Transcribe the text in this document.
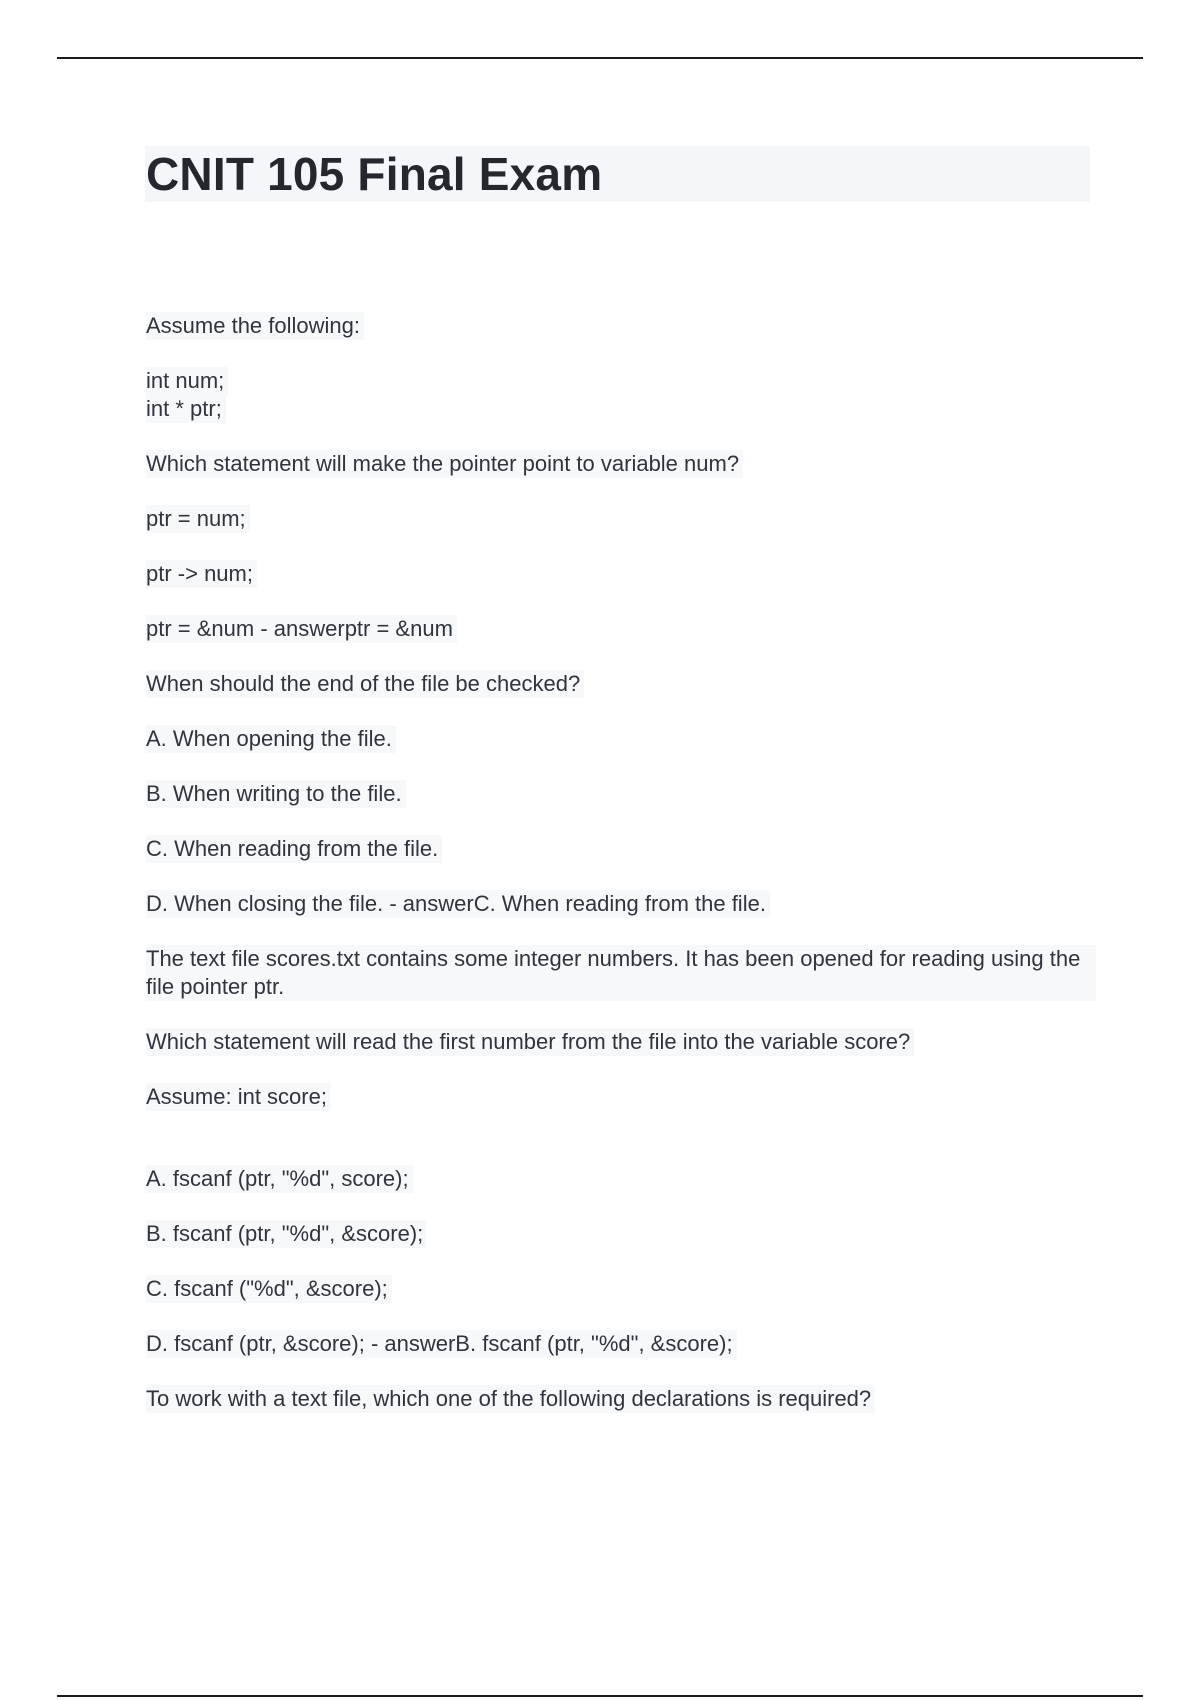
CNIT 105 Final Exam
Assume the following:
int num;
int * ptr;
Which statement will make the pointer point to variable num?
ptr = num;
ptr -> num;
ptr = &num - answerptr = &num
When should the end of the file be checked?
A. When opening the file.
B. When writing to the file.
C. When reading from the file.
D. When closing the file. - answerC. When reading from the file.
The text file scores.txt contains some integer numbers. It has been opened for reading using the file pointer ptr.
Which statement will read the first number from the file into the variable score?
Assume: int score;
A. fscanf (ptr, "%d", score);
B. fscanf (ptr, "%d", &score);
C. fscanf ("%d", &score);
D. fscanf (ptr, &score); - answerB. fscanf (ptr, "%d", &score);
To work with a text file, which one of the following declarations is required?
